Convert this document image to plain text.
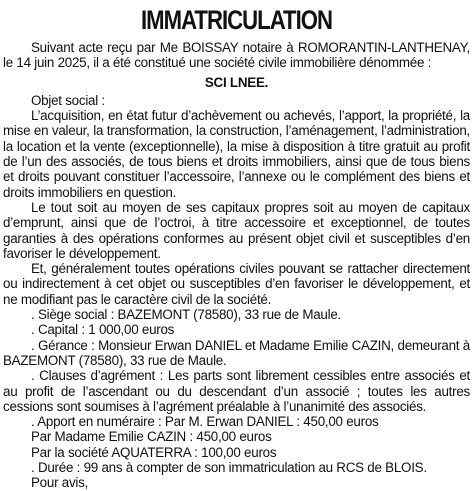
IMMATRICULATION

Suivant acte reçu par Me BOISSAY notaire à ROMORANTIN-LANTHENAY, le 14 juin 2025, il a été constitué une société civile immobilière dénommée :

SCI LNEE.

Objet social :

L’acquisition, en état futur d’achèvement ou achevés, l’apport, la propriété, la mise en valeur, la transformation, la construction, l’aménagement, l’administration, la location et la vente (exceptionnelle), la mise à disposition à titre gratuit au profit de l’un des associés, de tous biens et droits immobiliers, ainsi que de tous biens et droits pouvant constituer l’accessoire, l’annexe ou le complément des biens et droits immobiliers en question.

Le tout soit au moyen de ses capitaux propres soit au moyen de capitaux d’emprunt, ainsi que de l’octroi, à titre accessoire et exceptionnel, de toutes garanties à des opérations conformes au présent objet civil et susceptibles d’en favoriser le développement.

Et, généralement toutes opérations civiles pouvant se rattacher directement ou indirectement à cet objet ou susceptibles d’en favoriser le développement, et ne modifiant pas le caractère civil de la société.

. Siège social : BAZEMONT (78580), 33 rue de Maule.

. Capital : 1 000,00 euros

. Gérance : Monsieur Erwan DANIEL et Madame Emilie CAZIN, demeurant à BAZEMONT (78580), 33 rue de Maule.

. Clauses d’agrément : Les parts sont librement cessibles entre associés et au profit de l’ascendant ou du descendant d’un associé ; toutes les autres cessions sont soumises à l’agrément préalable à l’unanimité des associés.

. Apport en numéraire : Par M. Erwan DANIEL : 450,00 euros

Par Madame Emilie CAZIN : 450,00 euros

Par la société AQUATERRA : 100,00 euros

. Durée : 99 ans à compter de son immatriculation au RCS de BLOIS.

Pour avis,
